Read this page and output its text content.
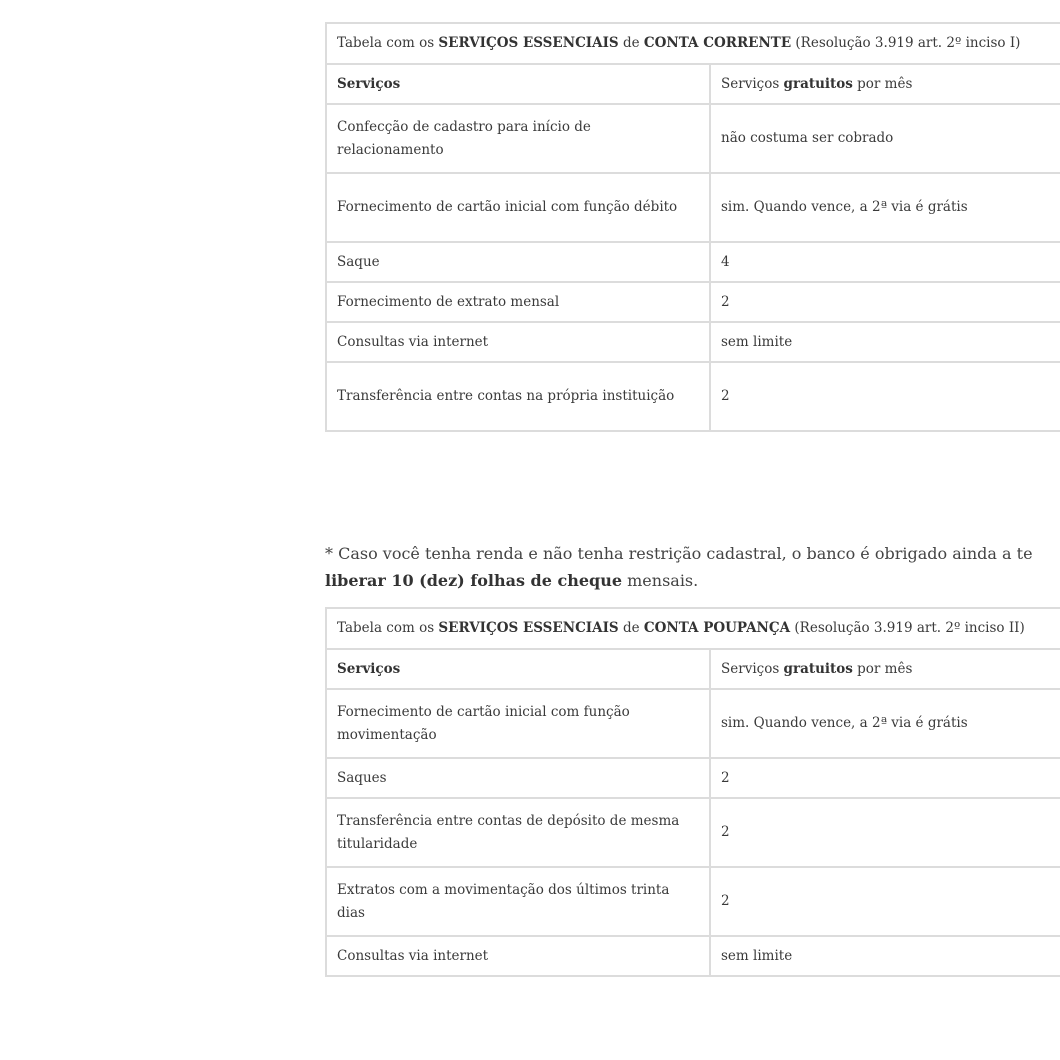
Tabela com os SERVIÇOS ESSENCIAIS de CONTA CORRENTE (Resolução 3.919 art. 2º inciso I)	
Serviços	Serviços gratuitos por mês
Confecção de cadastro para início de relacionamento	não costuma ser cobrado
Fornecimento de cartão inicial com função débito	sim. Quando vence, a 2ª via é grátis
Saque	4
Fornecimento de extrato mensal	2
Consultas via internet	sem limite
Transferência entre contas na própria instituição	2

* Caso você tenha renda e não tenha restrição cadastral, o banco é obrigado ainda a te liberar 10 (dez) folhas de cheque mensais.

Tabela com os SERVIÇOS ESSENCIAIS de CONTA POUPANÇA (Resolução 3.919 art. 2º inciso II)	
Serviços	Serviços gratuitos por mês
Fornecimento de cartão inicial com função movimentação	sim. Quando vence, a 2ª via é grátis
Saques	2
Transferência entre contas de depósito de mesma titularidade	2
Extratos com a movimentação dos últimos trinta dias	2
Consultas via internet	sem limite
